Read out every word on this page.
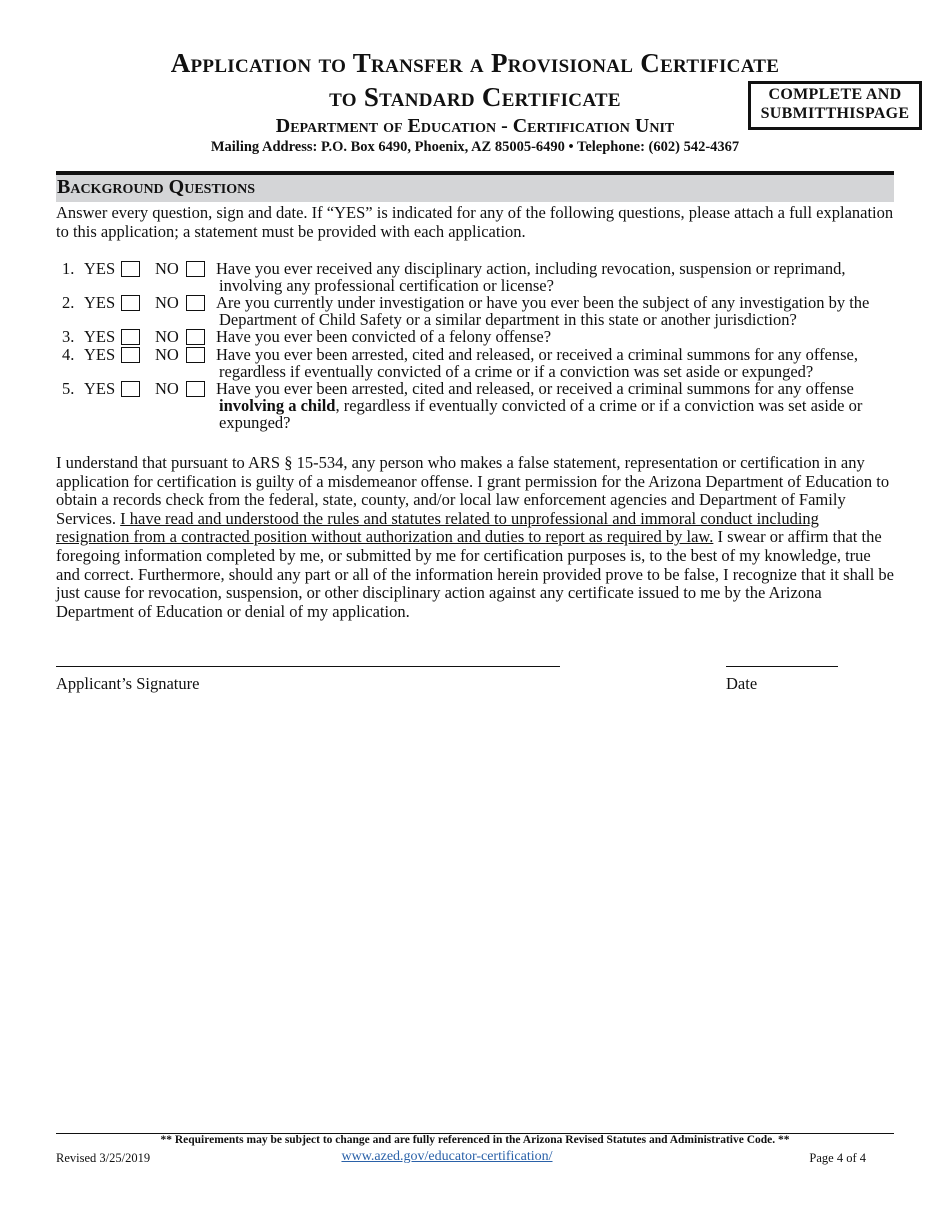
Application to Transfer a Provisional Certificate
to Standard Certificate
Department of Education - Certification Unit
Mailing Address: P.O. Box 6490, Phoenix, AZ 85005-6490 • Telephone: (602) 542-4367
COMPLETE AND
SUBMITTHISPAGE
Background Questions
Answer every question, sign and date. If “YES” is indicated for any of the following questions, please attach a full explanation to this application; a statement must be provided with each application.
1. YES NO Have you ever received any disciplinary action, including revocation, suspension or reprimand,
involving any professional certification or license?
2. YES NO Are you currently under investigation or have you ever been the subject of any investigation by the
Department of Child Safety or a similar department in this state or another jurisdiction?
3. YES NO Have you ever been convicted of a felony offense?
4. YES NO Have you ever been arrested, cited and released, or received a criminal summons for any offense,
regardless if eventually convicted of a crime or if a conviction was set aside or expunged?
5. YES NO Have you ever been arrested, cited and released, or received a criminal summons for any offense
involving a child, regardless if eventually convicted of a crime or if a conviction was set aside or
expunged?
I understand that pursuant to ARS § 15-534, any person who makes a false statement, representation or certification in any application for certification is guilty of a misdemeanor offense. I grant permission for the Arizona Department of Education to obtain a records check from the federal, state, county, and/or local law enforcement agencies and Department of Family Services. I have read and understood the rules and statutes related to unprofessional and immoral conduct including resignation from a contracted position without authorization and duties to report as required by law. I swear or affirm that the foregoing information completed by me, or submitted by me for certification purposes is, to the best of my knowledge, true and correct. Furthermore, should any part or all of the information herein provided prove to be false, I recognize that it shall be just cause for revocation, suspension, or other disciplinary action against any certificate issued to me by the Arizona Department of Education or denial of my application.
Applicant’s Signature	Date
** Requirements may be subject to change and are fully referenced in the Arizona Revised Statutes and Administrative Code. **
Revised 3/25/2019	www.azed.gov/educator-certification/	Page 4 of 4
